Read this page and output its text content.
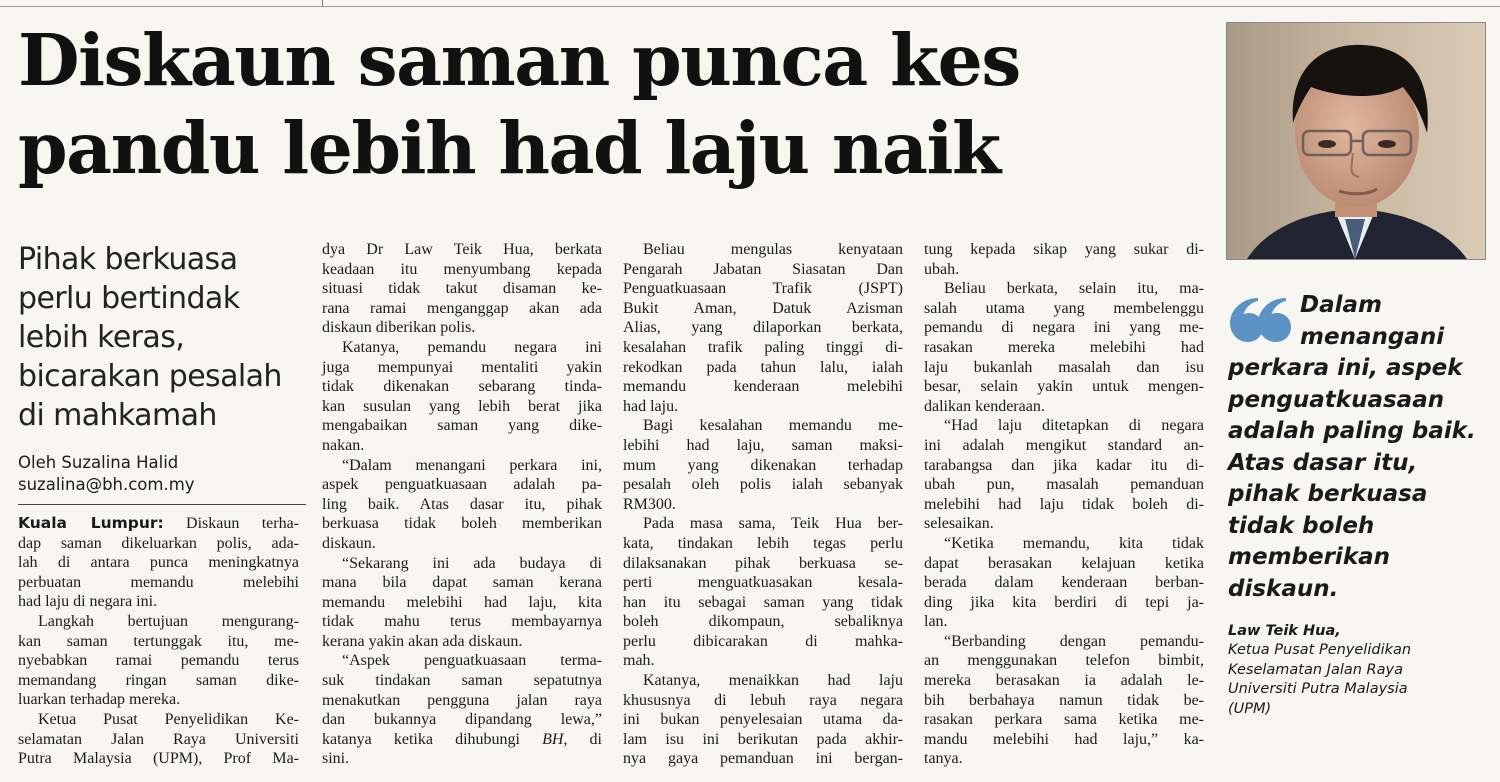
Diskaun saman punca kes
pandu lebih had laju naik
Pihak berkuasa
perlu bertindak
lebih keras,
bicarakan pesalah
di mahkamah
Oleh Suzalina Halid
suzalina@bh.com.my
Kuala Lumpur: Diskaun terha-
dap saman dikeluarkan polis, ada-
lah di antara punca meningkatnya
perbuatan memandu melebihi
had laju di negara ini.
Langkah bertujuan mengurang-
kan saman tertunggak itu, me-
nyebabkan ramai pemandu terus
memandang ringan saman dike-
luarkan terhadap mereka.
Ketua Pusat Penyelidikan Ke-
selamatan Jalan Raya Universiti
Putra Malaysia (UPM), Prof Ma-
dya Dr Law Teik Hua, berkata
keadaan itu menyumbang kepada
situasi tidak takut disaman ke-
rana ramai menganggap akan ada
diskaun diberikan polis.
Katanya, pemandu negara ini
juga mempunyai mentaliti yakin
tidak dikenakan sebarang tinda-
kan susulan yang lebih berat jika
mengabaikan saman yang dike-
nakan.
“Dalam menangani perkara ini,
aspek penguatkuasaan adalah pa-
ling baik. Atas dasar itu, pihak
berkuasa tidak boleh memberikan
diskaun.
“Sekarang ini ada budaya di
mana bila dapat saman kerana
memandu melebihi had laju, kita
tidak mahu terus membayarnya
kerana yakin akan ada diskaun.
“Aspek penguatkuasaan terma-
suk tindakan saman sepatutnya
menakutkan pengguna jalan raya
dan bukannya dipandang lewa,”
katanya ketika dihubungi BH, di
sini.
Beliau mengulas kenyataan
Pengarah Jabatan Siasatan Dan
Penguatkuasaan Trafik (JSPT)
Bukit Aman, Datuk Azisman
Alias, yang dilaporkan berkata,
kesalahan trafik paling tinggi di-
rekodkan pada tahun lalu, ialah
memandu kenderaan melebihi
had laju.
Bagi kesalahan memandu me-
lebihi had laju, saman maksi-
mum yang dikenakan terhadap
pesalah oleh polis ialah sebanyak
RM300.
Pada masa sama, Teik Hua ber-
kata, tindakan lebih tegas perlu
dilaksanakan pihak berkuasa se-
perti menguatkuasakan kesala-
han itu sebagai saman yang tidak
boleh dikompaun, sebaliknya
perlu dibicarakan di mahka-
mah.
Katanya, menaikkan had laju
khususnya di lebuh raya negara
ini bukan penyelesaian utama da-
lam isu ini berikutan pada akhir-
nya gaya pemanduan ini bergan-
tung kepada sikap yang sukar di-
ubah.
Beliau berkata, selain itu, ma-
salah utama yang membelenggu
pemandu di negara ini yang me-
rasakan mereka melebihi had
laju bukanlah masalah dan isu
besar, selain yakin untuk mengen-
dalikan kenderaan.
“Had laju ditetapkan di negara
ini adalah mengikut standard an-
tarabangsa dan jika kadar itu di-
ubah pun, masalah pemanduan
melebihi had laju tidak boleh di-
selesaikan.
“Ketika memandu, kita tidak
dapat berasakan kelajuan ketika
berada dalam kenderaan berban-
ding jika kita berdiri di tepi ja-
lan.
“Berbanding dengan pemandu-
an menggunakan telefon bimbit,
mereka berasakan ia adalah le-
bih berbahaya namun tidak be-
rasakan perkara sama ketika me-
mandu melebihi had laju,” ka-
tanya.
Dalam
menangani
perkara ini, aspek
penguatkuasaan
adalah paling baik.
Atas dasar itu,
pihak berkuasa
tidak boleh
memberikan
diskaun.
Law Teik Hua,
Ketua Pusat Penyelidikan
Keselamatan Jalan Raya
Universiti Putra Malaysia
(UPM)
